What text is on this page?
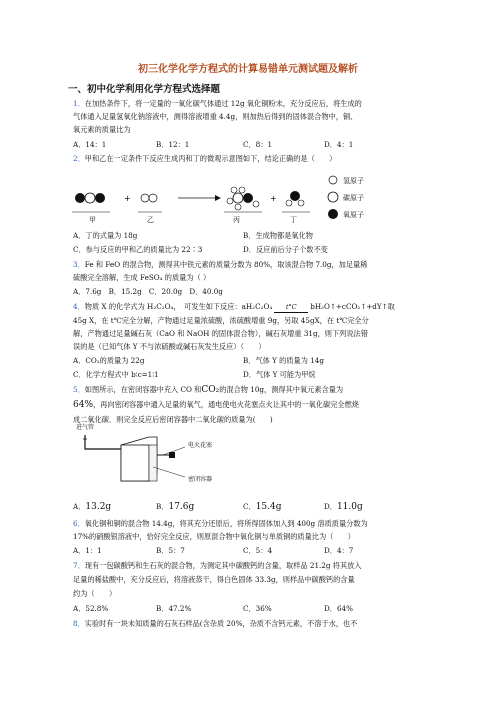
初三化学化学方程式的计算易错单元测试题及解析
一、初中化学利用化学方程式选择题
1．在加热条件下，将一定量的一氧化碳气体通过 12g 氧化铜粉末，充分反应后，将生成的
气体通入足量氢氧化钠溶液中，测得溶液增重 4.4g，则加热后得到的固体混合物中，铜、
氧元素的质量比为
A．14：1	B．12：1	C．8：1	D．4：1
2．甲和乙在一定条件下反应生成丙和丁的微观示意图如下，结论正确的是（　　）
+	+
甲	乙	丙	丁
氢原子
碳原子
氧原子
A．丁的式量为 18g	B．生成物都是氧化物
C．参与反应的甲和乙的质量比为 22∶3	D．反应前后分子个数不变
3．Fe 和 FeO 的混合物，测得其中铁元素的质量分数为 80%，取该混合物 7.0g，加足量稀
硫酸完全溶解，生成 FeSO₄ 的质量为（ ）
A．7.6g　B．15.2g　C．20.0g　D．40.0g
4．物质 X 的化学式为 H₂C₂O₄，　可发生如下反应：aH₂C₂O₄ t°C bH₂O↑+cCO₂↑+dY↑取
45g X，在 t℃完全分解，产物通过足量浓硫酸，浓硫酸增重 9g，另取 45gX，在 t℃完全分
解，产物通过足量碱石灰（CaO 和 NaOH 的固体混合物），碱石灰增重 31g，则下列说法错
误的是（已知气体 Y 不与浓硫酸或碱石灰发生反应）（　　）
A．CO₂的质量为 22g	B．气体 Y 的质量为 14g
C．化学方程式中 b∶c=1∶1	D．气体 Y 可能为甲烷
5．如图所示，在密闭容器中充入 CO 和CO₂的混合物 10g，测得其中氧元素含量为
64%，再向密闭容器中通入足量的氧气，通电使电火花塞点火让其中的一氧化碳完全燃烧
成二氧化碳．则完全反应后密闭容器中二氧化碳的质量为(　　)
进气管
电火花塞
密闭容器
A．13.2g	B．17.6g	C．15.4g	D．11.0g
6．氧化铜和铜的混合物 14.4g，将其充分还原后，将所得固体加入到 400g 溶质质量分数为
17%的硝酸银溶液中，恰好完全反应，则原混合物中氧化铜与单质铜的质量比为（　　）
A．1：1	B．5：7	C．5：4	D．4：7
7．现有一包碳酸钙和生石灰的混合物，为测定其中碳酸钙的含量，取样品 21.2g 将其放入
足量的稀盐酸中，充分反应后，将溶液蒸干，得白色固体 33.3g，则样品中碳酸钙的含量
约为（　　）
A．52.8%	B．47.2%	C．36%	D．64%
8．实验时有一块未知质量的石灰石样品(含杂质 20%，杂质不含钙元素，不溶于水，也不
